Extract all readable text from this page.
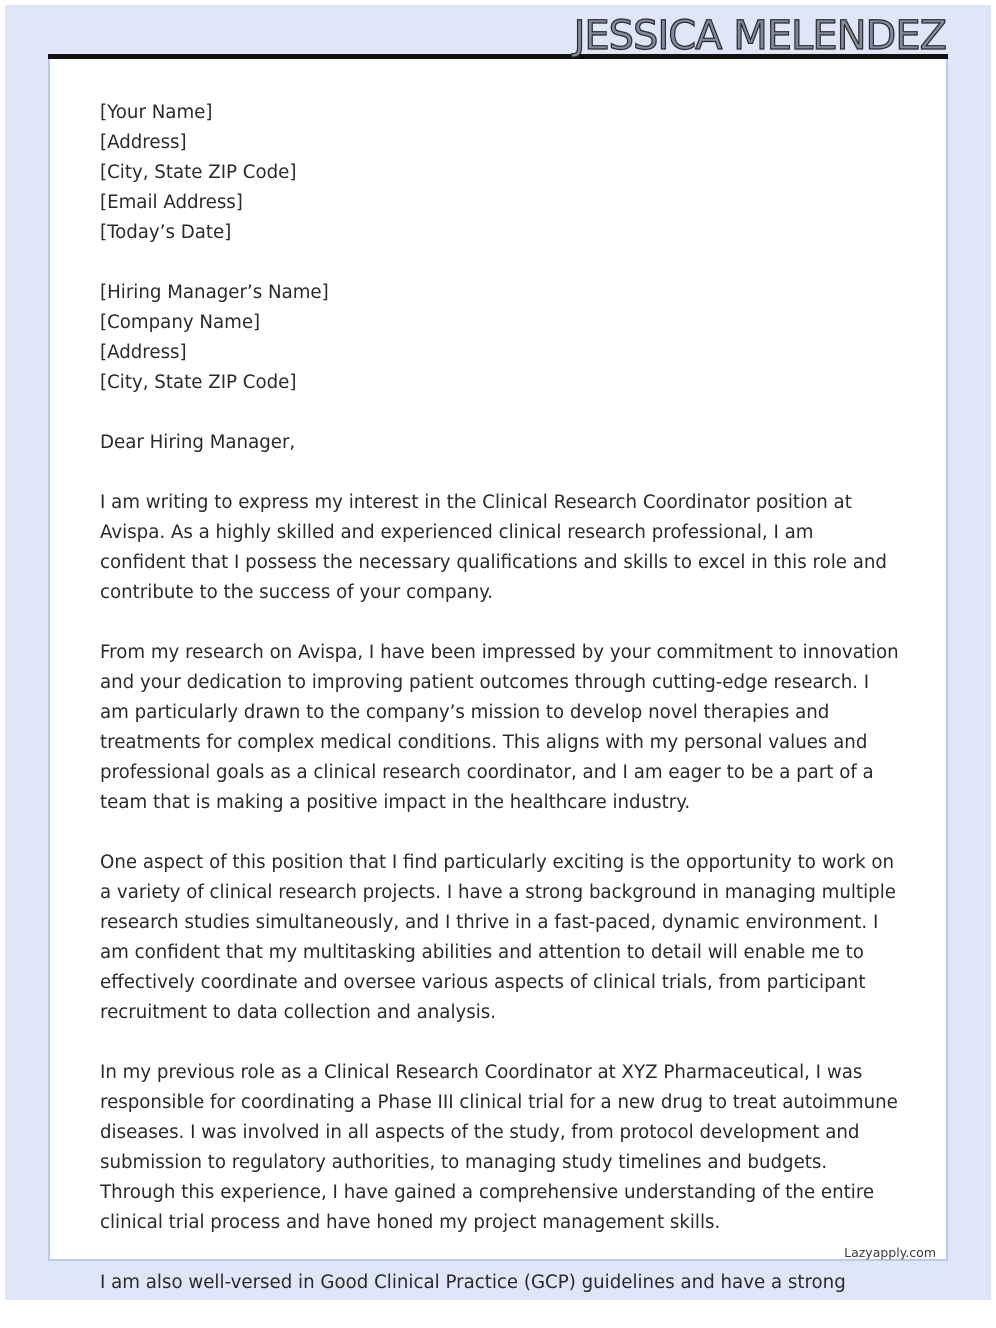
JESSICA MELENDEZ

[Your Name]
[Address]
[City, State ZIP Code]
[Email Address]
[Today’s Date]

[Hiring Manager’s Name]
[Company Name]
[Address]
[City, State ZIP Code]

Dear Hiring Manager,

I am writing to express my interest in the Clinical Research Coordinator position at Avispa. As a highly skilled and experienced clinical research professional, I am confident that I possess the necessary qualifications and skills to excel in this role and contribute to the success of your company.

From my research on Avispa, I have been impressed by your commitment to innovation and your dedication to improving patient outcomes through cutting-edge research. I am particularly drawn to the company’s mission to develop novel therapies and treatments for complex medical conditions. This aligns with my personal values and professional goals as a clinical research coordinator, and I am eager to be a part of a team that is making a positive impact in the healthcare industry.

One aspect of this position that I find particularly exciting is the opportunity to work on a variety of clinical research projects. I have a strong background in managing multiple research studies simultaneously, and I thrive in a fast-paced, dynamic environment. I am confident that my multitasking abilities and attention to detail will enable me to effectively coordinate and oversee various aspects of clinical trials, from participant recruitment to data collection and analysis.

In my previous role as a Clinical Research Coordinator at XYZ Pharmaceutical, I was responsible for coordinating a Phase III clinical trial for a new drug to treat autoimmune diseases. I was involved in all aspects of the study, from protocol development and submission to regulatory authorities, to managing study timelines and budgets. Through this experience, I have gained a comprehensive understanding of the entire clinical trial process and have honed my project management skills.

I am also well-versed in Good Clinical Practice (GCP) guidelines and have a strong

Lazyapply.com
